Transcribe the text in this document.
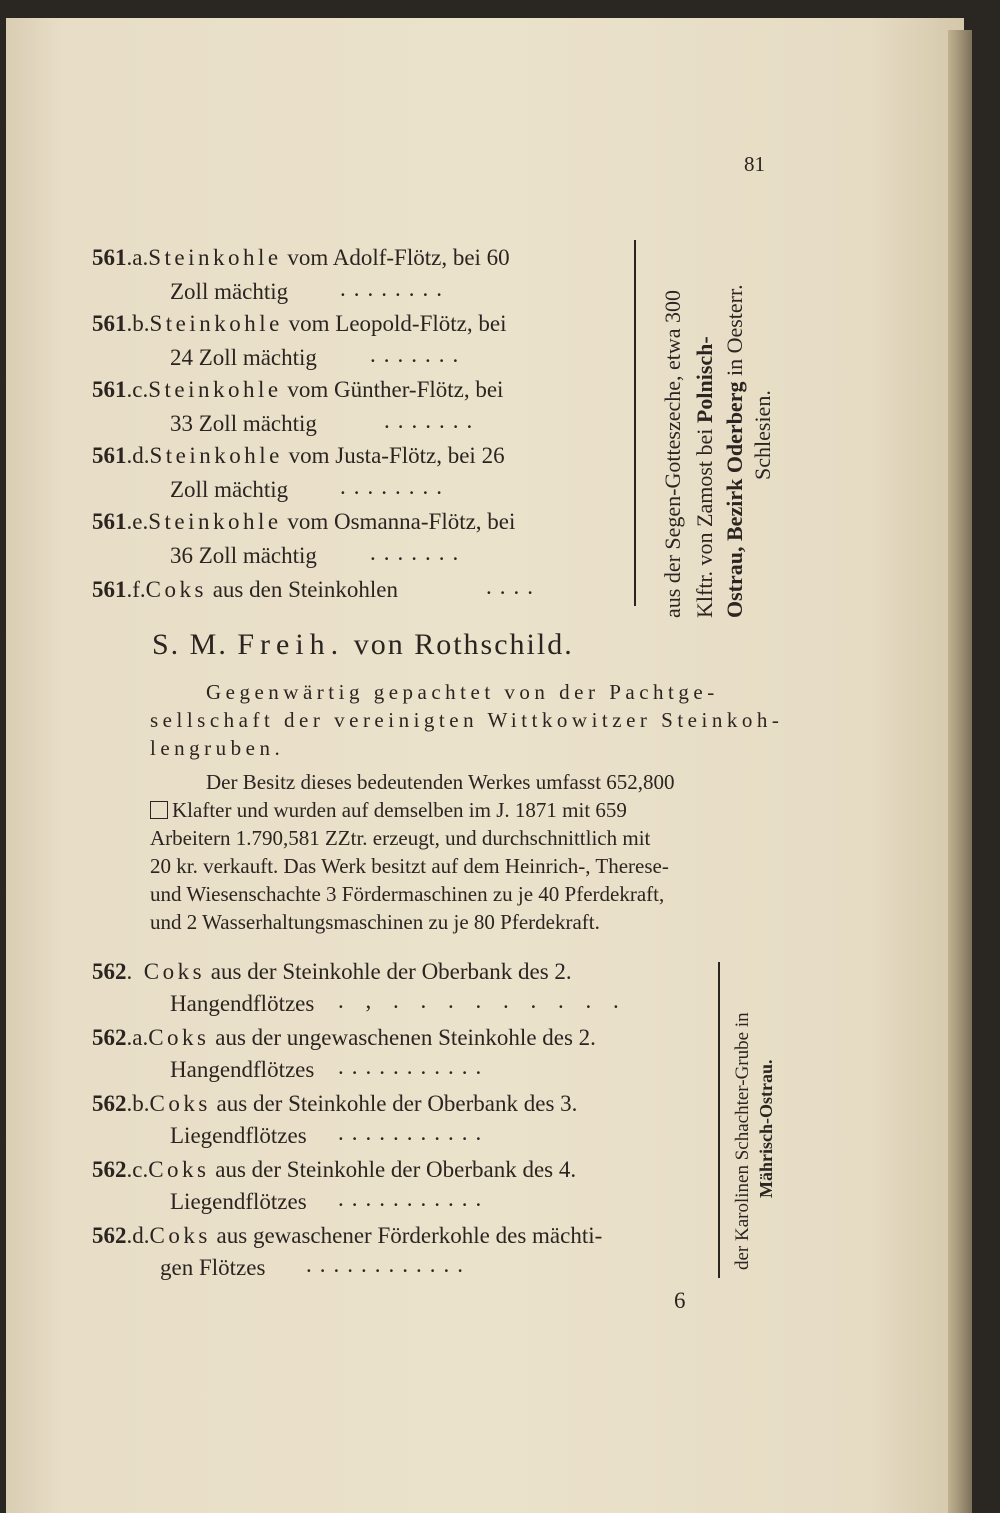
81
561.a.Steinkohle vom Adolf-Flötz, bei 60
Zoll mächtig ........
561.b.Steinkohle vom Leopold-Flötz, bei
24 Zoll mächtig .......
561.c.Steinkohle vom Günther-Flötz, bei
33 Zoll mächtig	.......
561.d.Steinkohle vom Justa-Flötz, bei 26
Zoll mächtig ........
561.e.Steinkohle vom Osmanna-Flötz, bei
36 Zoll mächtig .......
561.f.Coks aus den Steinkohlen	....	aus der Segen-Gotteszeche, etwa 300 Klftr. von Zamost bei Polnisch-
Ostrau, Bezirk Oderberg in Oesterr.
Schlesien.
S. M. Freih. von Rothschild.
Gegenwärtig gepachtet von der Pachtge-
sellschaft der vereinigten Wittkowitzer Steinkoh-
lengruben.
Der Besitz dieses bedeutenden Werkes umfasst 652,800
Klafter und wurden auf demselben im J. 1871 mit 659
Arbeitern 1.790,581 ZZtr. erzeugt, und durchschnittlich mit
20 kr. verkauft. Das Werk besitzt auf dem Heinrich-, Therese-
und Wiesenschachte 3 Fördermaschinen zu je 40 Pferdekraft,
und 2 Wasserhaltungsmaschinen zu je 80 Pferdekraft.
562. Coks aus der Steinkohle der Oberbank des 2.
Hangendflötzes . , . . . . . . . . .
562.a.Coks aus der ungewaschenen Steinkohle des 2.
Hangendflötzes ...........
562.b.Coks aus der Steinkohle der Oberbank des 3.
Liegendflötzes ...........
562.c.Coks aus der Steinkohle der Oberbank des 4.
Liegendflötzes ...........
562.d.Coks aus gewaschener Förderkohle des mächti-
gen Flötzes ............	der Karolinen Schachter-Grube in Mährisch-Ostrau.
6
